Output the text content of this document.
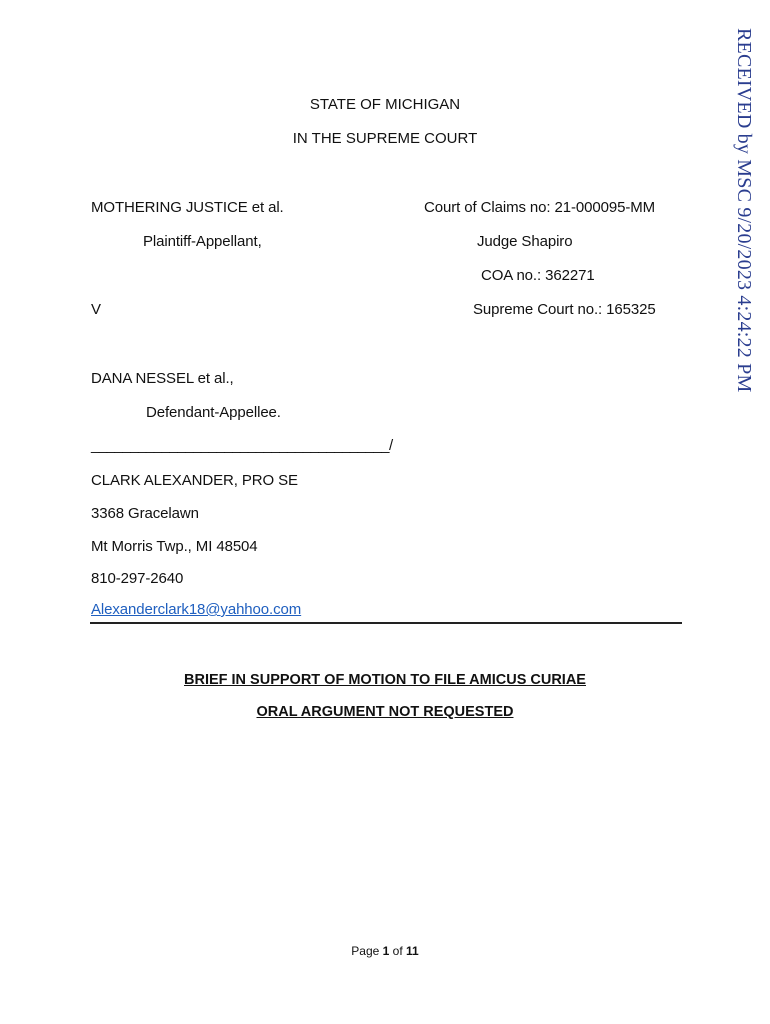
RECEIVED by MSC 9/20/2023 4:24:22 PM
STATE OF MICHIGAN
IN THE SUPREME COURT
MOTHERING JUSTICE et al.	Court of Claims no: 21-000095-MM
Plaintiff-Appellant,	Judge Shapiro
COA no.: 362271
V	Supreme Court no.: 165325
DANA NESSEL et al.,
Defendant-Appellee.
______________________________________/
CLARK ALEXANDER, PRO SE
3368 Gracelawn
Mt Morris Twp., MI 48504
810-297-2640
Alexanderclark18@yahhoo.com
BRIEF IN SUPPORT OF MOTION TO FILE AMICUS CURIAE
ORAL ARGUMENT NOT REQUESTED
Page 1 of 11
